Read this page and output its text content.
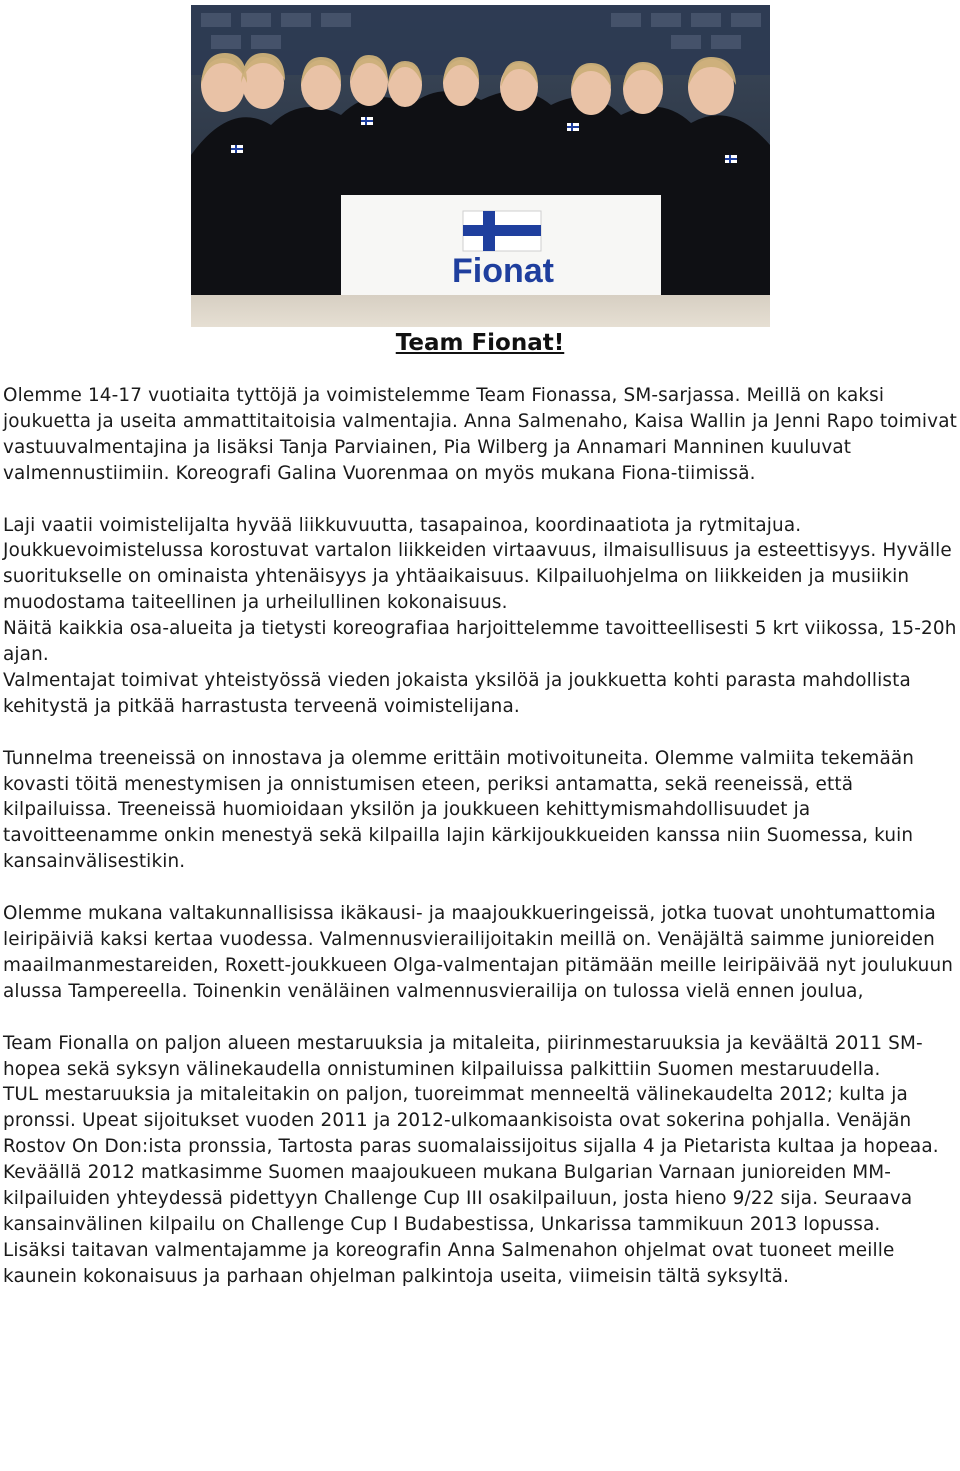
Fionat
Team Fionat!

Olemme 14-17 vuotiaita tyttöjä ja voimistelemme Team Fionassa, SM-sarjassa. Meillä on kaksi joukuetta ja useita ammattitaitoisia valmentajia. Anna Salmenaho, Kaisa Wallin ja Jenni Rapo toimivat vastuuvalmentajina ja lisäksi Tanja Parviainen, Pia Wilberg ja Annamari Manninen kuuluvat valmennustiimiin. Koreografi Galina Vuorenmaa on myös mukana Fiona-tiimissä.

Laji vaatii voimistelijalta hyvää liikkuvuutta, tasapainoa, koordinaatiota ja rytmitajua. Joukkuevoimistelussa korostuvat vartalon liikkeiden virtaavuus, ilmaisullisuus ja esteettisyys. Hyvälle suoritukselle on ominaista yhtenäisyys ja yhtäaikaisuus. Kilpailuohjelma on liikkeiden ja musiikin muodostama taiteellinen ja urheilullinen kokonaisuus.

Näitä kaikkia osa-alueita ja tietysti koreografiaa harjoittelemme tavoitteellisesti 5 krt viikossa, 15-20h ajan.

Valmentajat toimivat yhteistyössä vieden jokaista yksilöä ja joukkuetta kohti parasta mahdollista kehitystä ja pitkää harrastusta terveenä voimistelijana.

Tunnelma treeneissä on innostava ja olemme erittäin motivoituneita. Olemme valmiita tekemään kovasti töitä menestymisen ja onnistumisen eteen, periksi antamatta, sekä reeneissä, että kilpailuissa. Treeneissä huomioidaan yksilön ja joukkueen kehittymismahdollisuudet ja tavoitteenamme onkin menestyä sekä kilpailla lajin kärkijoukkueiden kanssa niin Suomessa, kuin kansainvälisestikin.

Olemme mukana valtakunnallisissa ikäkausi- ja maajoukkueringeissä, jotka tuovat unohtumattomia leiripäiviä kaksi kertaa vuodessa. Valmennusvierailijoitakin meillä on. Venäjältä saimme junioreiden maailmanmestareiden, Roxett-joukkueen Olga-valmentajan pitämään meille leiripäivää nyt joulukuun alussa Tampereella. Toinenkin venäläinen valmennusvierailija on tulossa vielä ennen joulua,

Team Fionalla on paljon alueen mestaruuksia ja mitaleita, piirinmestaruuksia ja keväältä 2011 SM-hopea sekä syksyn välinekaudella onnistuminen kilpailuissa palkittiin Suomen mestaruudella.

TUL mestaruuksia ja mitaleitakin on paljon, tuoreimmat menneeltä välinekaudelta 2012; kulta ja pronssi. Upeat sijoitukset vuoden 2011 ja 2012-ulkomaankisoista ovat sokerina pohjalla. Venäjän Rostov On Don:ista pronssia, Tartosta paras suomalaissijoitus sijalla 4 ja Pietarista kultaa ja hopeaa.

Keväällä 2012 matkasimme Suomen maajoukueen mukana Bulgarian Varnaan junioreiden MM-kilpailuiden yhteydessä pidettyyn Challenge Cup III osakilpailuun, josta hieno 9/22 sija. Seuraava kansainvälinen kilpailu on Challenge Cup I Budabestissa, Unkarissa tammikuun 2013 lopussa.

Lisäksi taitavan valmentajamme ja koreografin Anna Salmenahon ohjelmat ovat tuoneet meille kaunein kokonaisuus ja parhaan ohjelman palkintoja useita, viimeisin tältä syksyltä.
